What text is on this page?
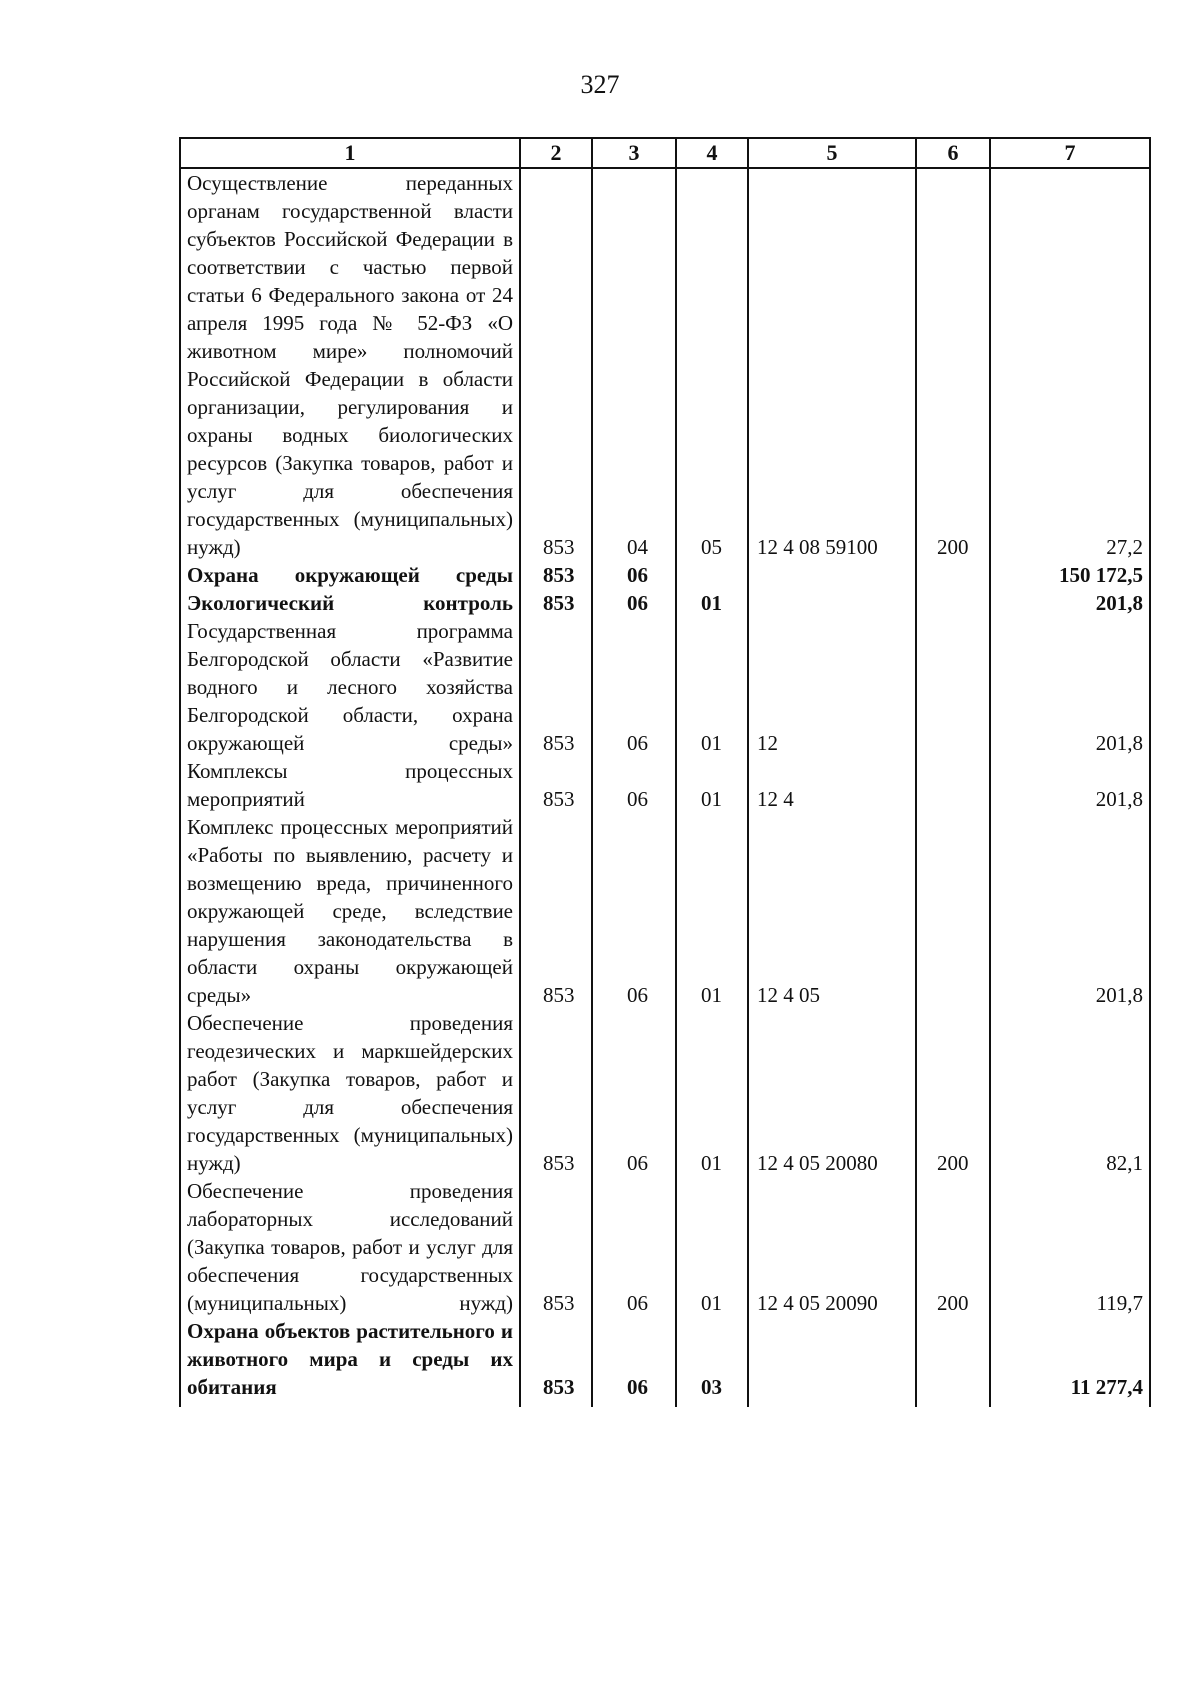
327
1	2	3	4	5	6	7
Осуществление переданных органам государственной власти субъектов Российской Федерации в соответствии с частью первой статьи 6 Федерального закона от 24 апреля 1995 года № 52-ФЗ «О животном мире» полномочий Российской Федерации в области организации, регулирования и охраны водных биологических ресурсов (Закупка товаров, работ и услуг для обеспечения государственных (муниципальных) нужд)	853	04	05	12 4 08 59100	200	27,2
Охрана окружающей среды	853	06				150 172,5
Экологический контроль	853	06	01			201,8
Государственная программа Белгородской области «Развитие водного и лесного хозяйства Белгородской области, охрана окружающей среды»	853	06	01	12		201,8
Комплексы процессных мероприятий	853	06	01	12 4		201,8
Комплекс процессных мероприятий «Работы по выявлению, расчету и возмещению вреда, причиненного окружающей среде, вследствие нарушения законодательства в области охраны окружающей среды»	853	06	01	12 4 05		201,8
Обеспечение проведения геодезических и маркшейдерских работ (Закупка товаров, работ и услуг для обеспечения государственных (муниципальных) нужд)	853	06	01	12 4 05 20080	200	82,1
Обеспечение проведения лабораторных исследований (Закупка товаров, работ и услуг для обеспечения государственных (муниципальных) нужд)	853	06	01	12 4 05 20090	200	119,7
Охрана объектов растительного и животного мира и среды их обитания	853	06	03			11 277,4
